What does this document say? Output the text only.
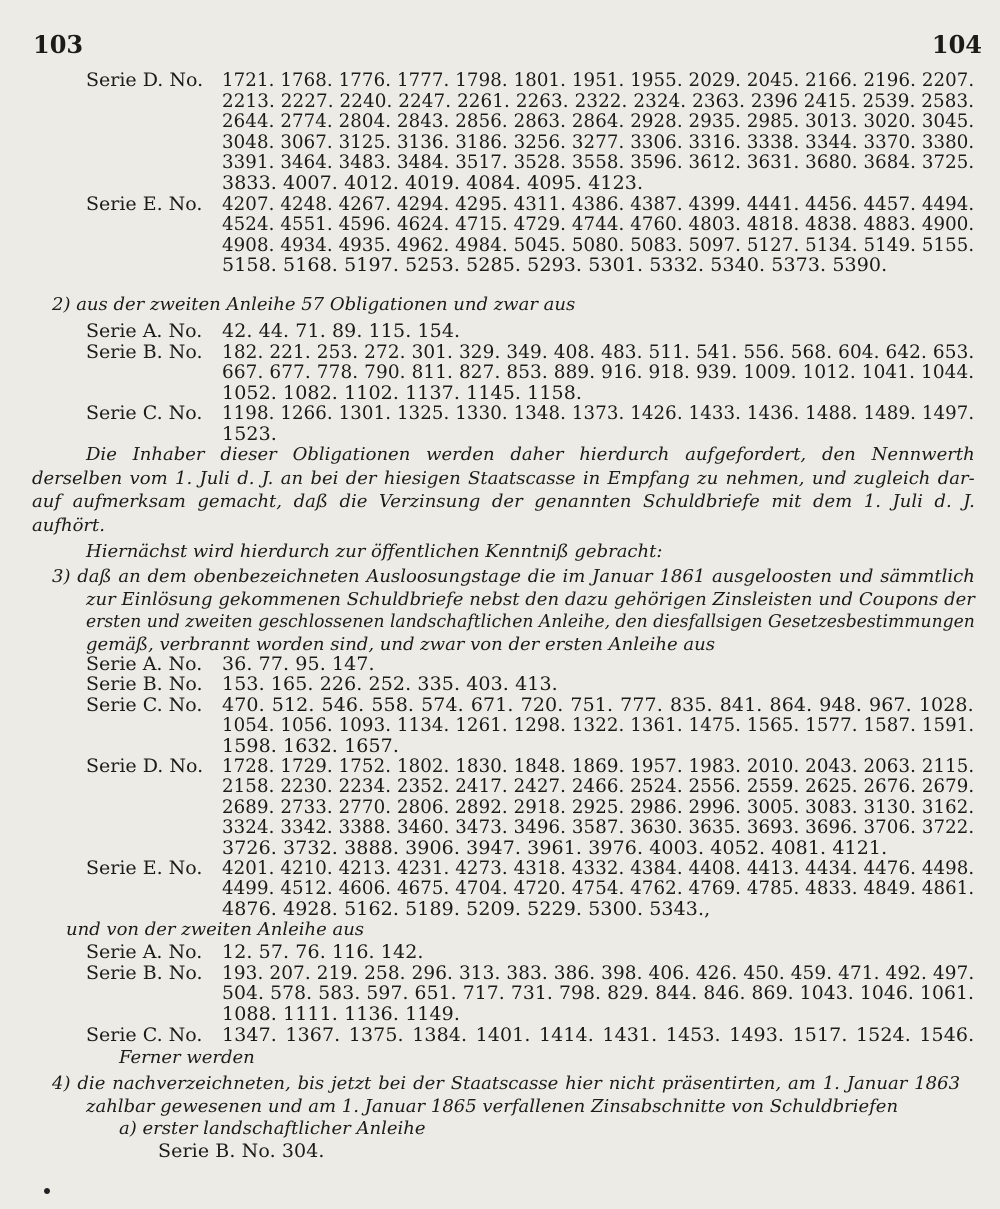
103	104
Serie D. No. 1721. 1768. 1776. 1777. 1798. 1801. 1951. 1955. 2029. 2045. 2166. 2196. 2207.
2213. 2227. 2240. 2247. 2261. 2263. 2322. 2324. 2363. 2396 2415. 2539. 2583.
2644. 2774. 2804. 2843. 2856. 2863. 2864. 2928. 2935. 2985. 3013. 3020. 3045.
3048. 3067. 3125. 3136. 3186. 3256. 3277. 3306. 3316. 3338. 3344. 3370. 3380.
3391. 3464. 3483. 3484. 3517. 3528. 3558. 3596. 3612. 3631. 3680. 3684. 3725.
3833. 4007. 4012. 4019. 4084. 4095. 4123.
Serie E. No. 4207. 4248. 4267. 4294. 4295. 4311. 4386. 4387. 4399. 4441. 4456. 4457. 4494.
4524. 4551. 4596. 4624. 4715. 4729. 4744. 4760. 4803. 4818. 4838. 4883. 4900.
4908. 4934. 4935. 4962. 4984. 5045. 5080. 5083. 5097. 5127. 5134. 5149. 5155.
5158. 5168. 5197. 5253. 5285. 5293. 5301. 5332. 5340. 5373. 5390.
2) aus der zweiten Anleihe 57 Obligationen und zwar aus
Serie A. No. 42. 44. 71. 89. 115. 154.
Serie B. No. 182. 221. 253. 272. 301. 329. 349. 408. 483. 511. 541. 556. 568. 604. 642. 653.
667. 677. 778. 790. 811. 827. 853. 889. 916. 918. 939. 1009. 1012. 1041. 1044.
1052. 1082. 1102. 1137. 1145. 1158.
Serie C. No. 1198. 1266. 1301. 1325. 1330. 1348. 1373. 1426. 1433. 1436. 1488. 1489. 1497.
1523.
Die Inhaber dieser Obligationen werden daher hierdurch aufgefordert, den Nennwerth
derselben vom 1. Juli d. J. an bei der hiesigen Staatscasse in Empfang zu nehmen, und zugleich dar-
auf aufmerksam gemacht, daß die Verzinsung der genannten Schuldbriefe mit dem 1. Juli d. J.
aufhört.
Hiernächst wird hierdurch zur öffentlichen Kenntniß gebracht:
3) daß an dem obenbezeichneten Ausloosungstage die im Januar 1861 ausgeloosten und sämmtlich
zur Einlösung gekommenen Schuldbriefe nebst den dazu gehörigen Zinsleisten und Coupons der
ersten und zweiten geschlossenen landschaftlichen Anleihe, den diesfallsigen Gesetzesbestimmungen
gemäß, verbrannt worden sind, und zwar von der ersten Anleihe aus
Serie A. No. 36. 77. 95. 147.
Serie B. No. 153. 165. 226. 252. 335. 403. 413.
Serie C. No. 470. 512. 546. 558. 574. 671. 720. 751. 777. 835. 841. 864. 948. 967. 1028.
1054. 1056. 1093. 1134. 1261. 1298. 1322. 1361. 1475. 1565. 1577. 1587. 1591.
1598. 1632. 1657.
Serie D. No. 1728. 1729. 1752. 1802. 1830. 1848. 1869. 1957. 1983. 2010. 2043. 2063. 2115.
2158. 2230. 2234. 2352. 2417. 2427. 2466. 2524. 2556. 2559. 2625. 2676. 2679.
2689. 2733. 2770. 2806. 2892. 2918. 2925. 2986. 2996. 3005. 3083. 3130. 3162.
3324. 3342. 3388. 3460. 3473. 3496. 3587. 3630. 3635. 3693. 3696. 3706. 3722.
3726. 3732. 3888. 3906. 3947. 3961. 3976. 4003. 4052. 4081. 4121.
Serie E. No. 4201. 4210. 4213. 4231. 4273. 4318. 4332. 4384. 4408. 4413. 4434. 4476. 4498.
4499. 4512. 4606. 4675. 4704. 4720. 4754. 4762. 4769. 4785. 4833. 4849. 4861.
4876. 4928. 5162. 5189. 5209. 5229. 5300. 5343.,
und von der zweiten Anleihe aus
Serie A. No. 12. 57. 76. 116. 142.
Serie B. No. 193. 207. 219. 258. 296. 313. 383. 386. 398. 406. 426. 450. 459. 471. 492. 497.
504. 578. 583. 597. 651. 717. 731. 798. 829. 844. 846. 869. 1043. 1046. 1061.
1088. 1111. 1136. 1149.
Serie C. No. 1347. 1367. 1375. 1384. 1401. 1414. 1431. 1453. 1493. 1517. 1524. 1546.
Ferner werden
4) die nachverzeichneten, bis jetzt bei der Staatscasse hier nicht präsentirten, am 1. Januar 1863
zahlbar gewesenen und am 1. Januar 1865 verfallenen Zinsabschnitte von Schuldbriefen
a) erster landschaftlicher Anleihe
Serie B. No. 304.
